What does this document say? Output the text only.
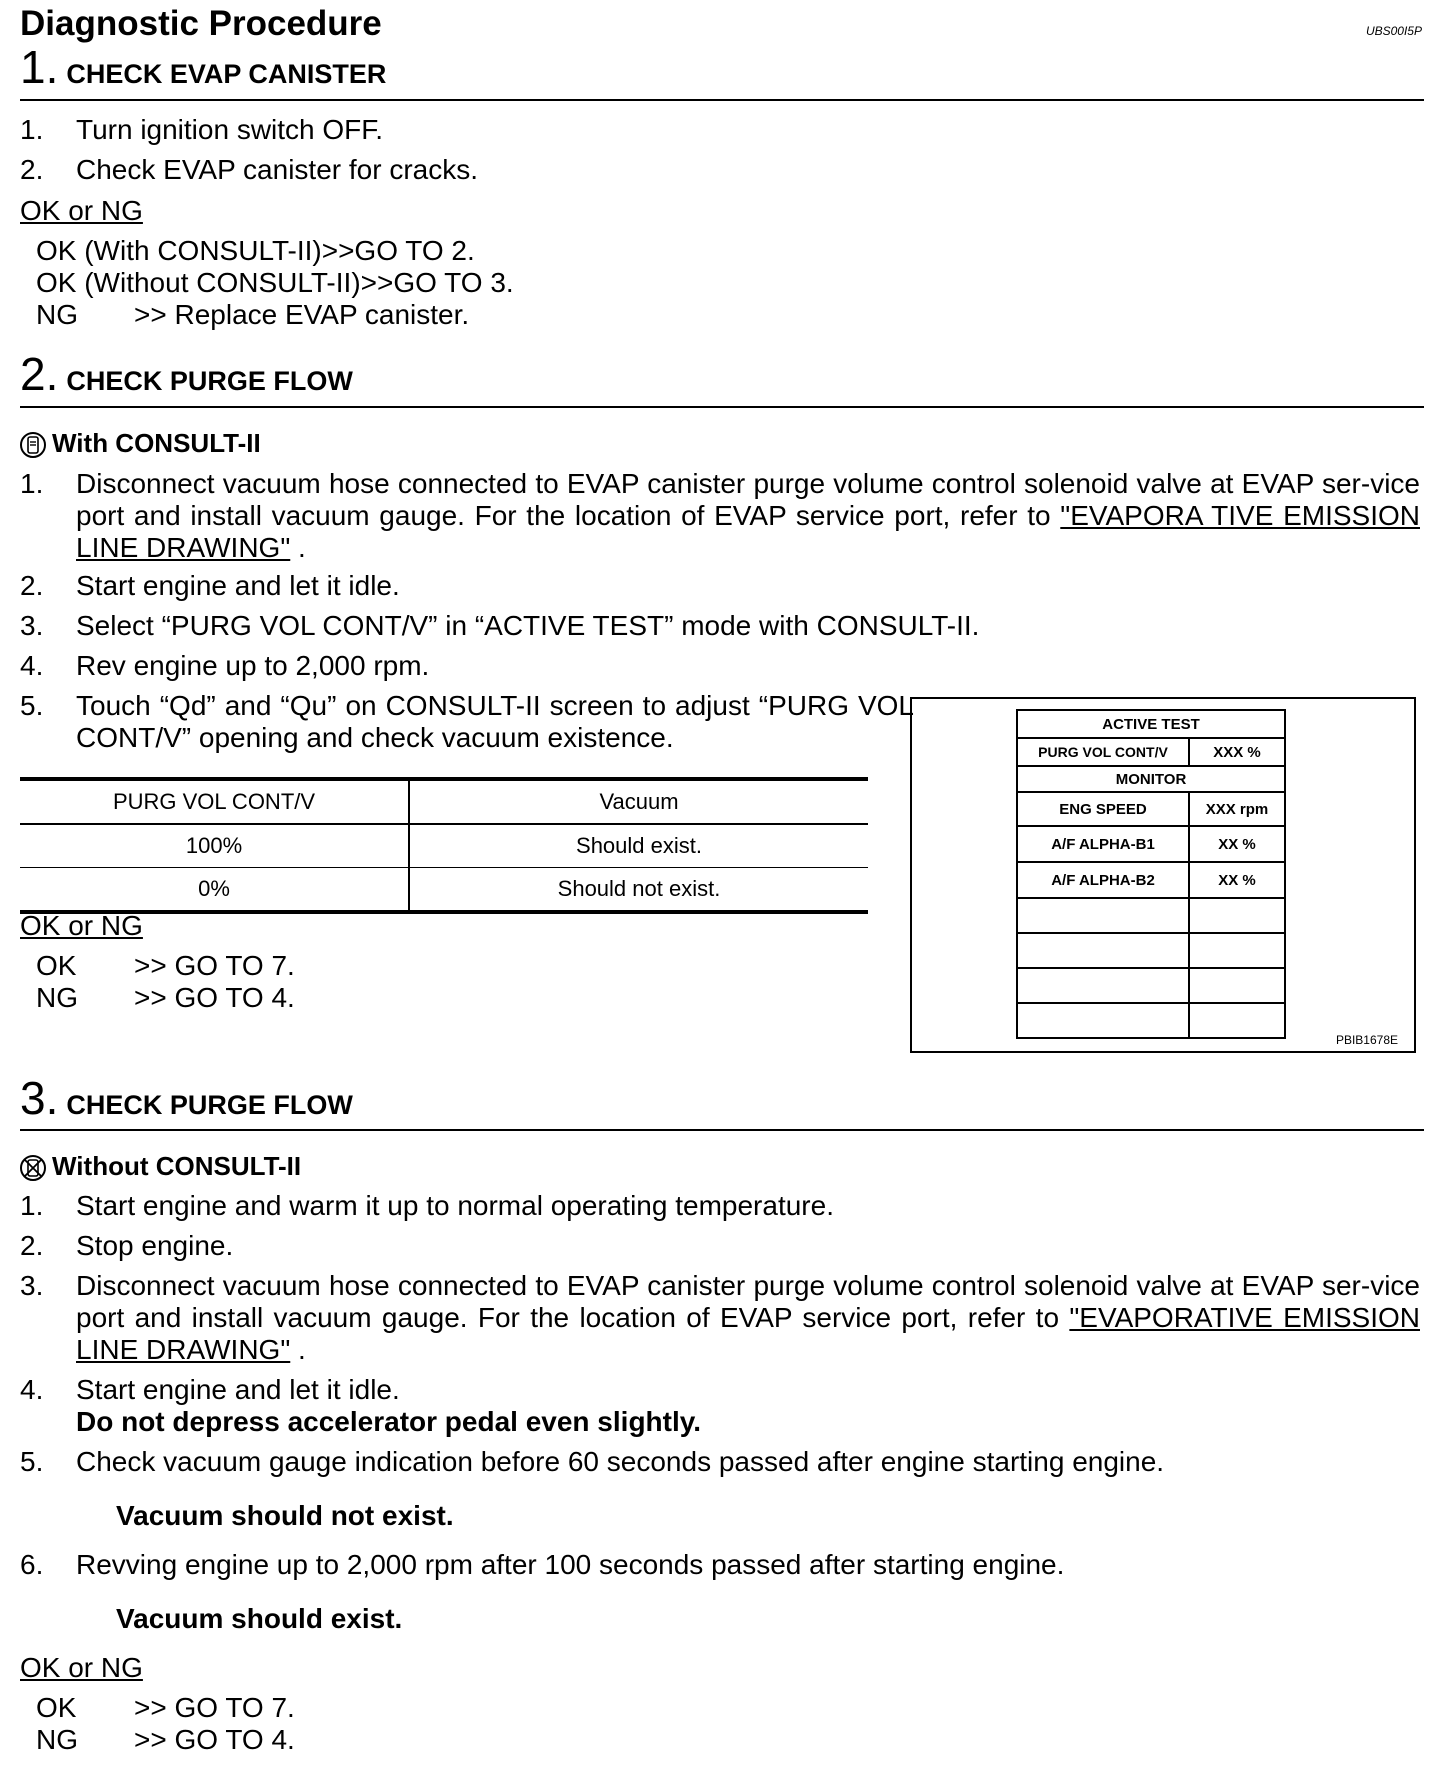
Diagnostic Procedure	UBS00I5P
1. CHECK EVAP CANISTER
1.	Turn ignition switch OFF.
2.	Check EVAP canister for cracks.
OK or NG
OK (With CONSULT-II)>>GO TO 2.
OK (Without CONSULT-II)>>GO TO 3.
NG >> Replace EVAP canister.
2. CHECK PURGE FLOW
With CONSULT-II
1.	Disconnect vacuum hose connected to EVAP canister purge volume control solenoid valve at EVAP ser-vice port and install vacuum gauge. For the location of EVAP service port, refer to "EVAPORA TIVE EMISSION LINE DRAWING" .
2.	Start engine and let it idle.
3.	Select “PURG VOL CONT/V” in “ACTIVE TEST” mode with CONSULT-II.
4.	Rev engine up to 2,000 rpm.
5.	Touch “Qd” and “Qu” on CONSULT-II screen to adjust “PURG VOL CONT/V” opening and check vacuum existence.
PURG VOL CONT/V	Vacuum
100%	Should exist.
0%	Should not exist.
ACTIVE TEST	
PURG VOL CONT/V	XXX %
MONITOR	
ENG SPEED	XXX rpm
A/F ALPHA-B1	XX %
A/F ALPHA-B2	XX %

PBIB1678E
OK or NG
OK >> GO TO 7.
NG >> GO TO 4.
3. CHECK PURGE FLOW
Without CONSULT-II
1.	Start engine and warm it up to normal operating temperature.
2.	Stop engine.
3.	Disconnect vacuum hose connected to EVAP canister purge volume control solenoid valve at EVAP ser-vice port and install vacuum gauge. For the location of EVAP service port, refer to "EVAPORATIVE EMISSION LINE DRAWING" .
4.	Start engine and let it idle.
Do not depress accelerator pedal even slightly.
5.	Check vacuum gauge indication before 60 seconds passed after engine starting engine.
Vacuum should not exist.
6.	Revving engine up to 2,000 rpm after 100 seconds passed after starting engine.
Vacuum should exist.
OK or NG
OK >> GO TO 7.
NG >> GO TO 4.
